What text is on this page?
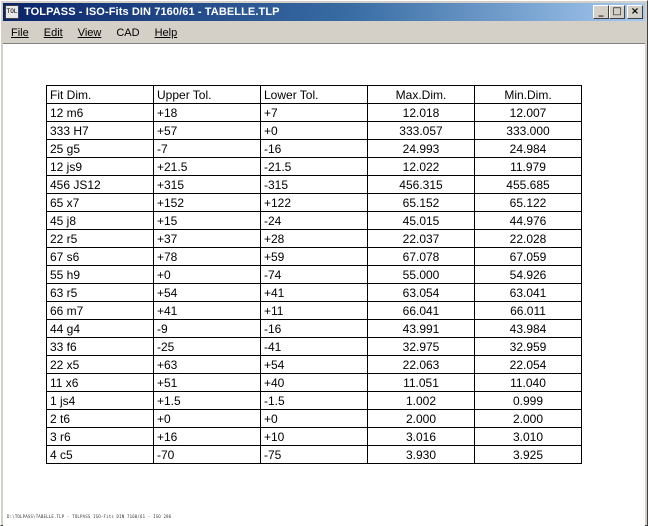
TOL TOLPASS - ISO-Fits DIN 7160/61 - TABELLE.TLP	_ □ ×
File	Edit	View	CAD	Help
Fit Dim.	Upper Tol.	Lower Tol.	Max.Dim.	Min.Dim.
12 m6	+18	+7	12.018	12.007
333 H7	+57	+0	333.057	333.000
25 g5	-7	-16	24.993	24.984
12 js9	+21.5	-21.5	12.022	11.979
456 JS12	+315	-315	456.315	455.685
65 x7	+152	+122	65.152	65.122
45 j8	+15	-24	45.015	44.976
22 r5	+37	+28	22.037	22.028
67 s6	+78	+59	67.078	67.059
55 h9	+0	-74	55.000	54.926
63 r5	+54	+41	63.054	63.041
66 m7	+41	+11	66.041	66.011
44 g4	-9	-16	43.991	43.984
33 f6	-25	-41	32.975	32.959
22 x5	+63	+54	22.063	22.054
11 x6	+51	+40	11.051	11.040
1 js4	+1.5	-1.5	1.002	0.999
2 t6	+0	+0	2.000	2.000
3 r6	+16	+10	3.016	3.010
4 c5	-70	-75	3.930	3.925
D:\TOLPASS\TABELLE.TLP - TOLPASS ISO-Fits DIN 7160/61 - ISO 286
